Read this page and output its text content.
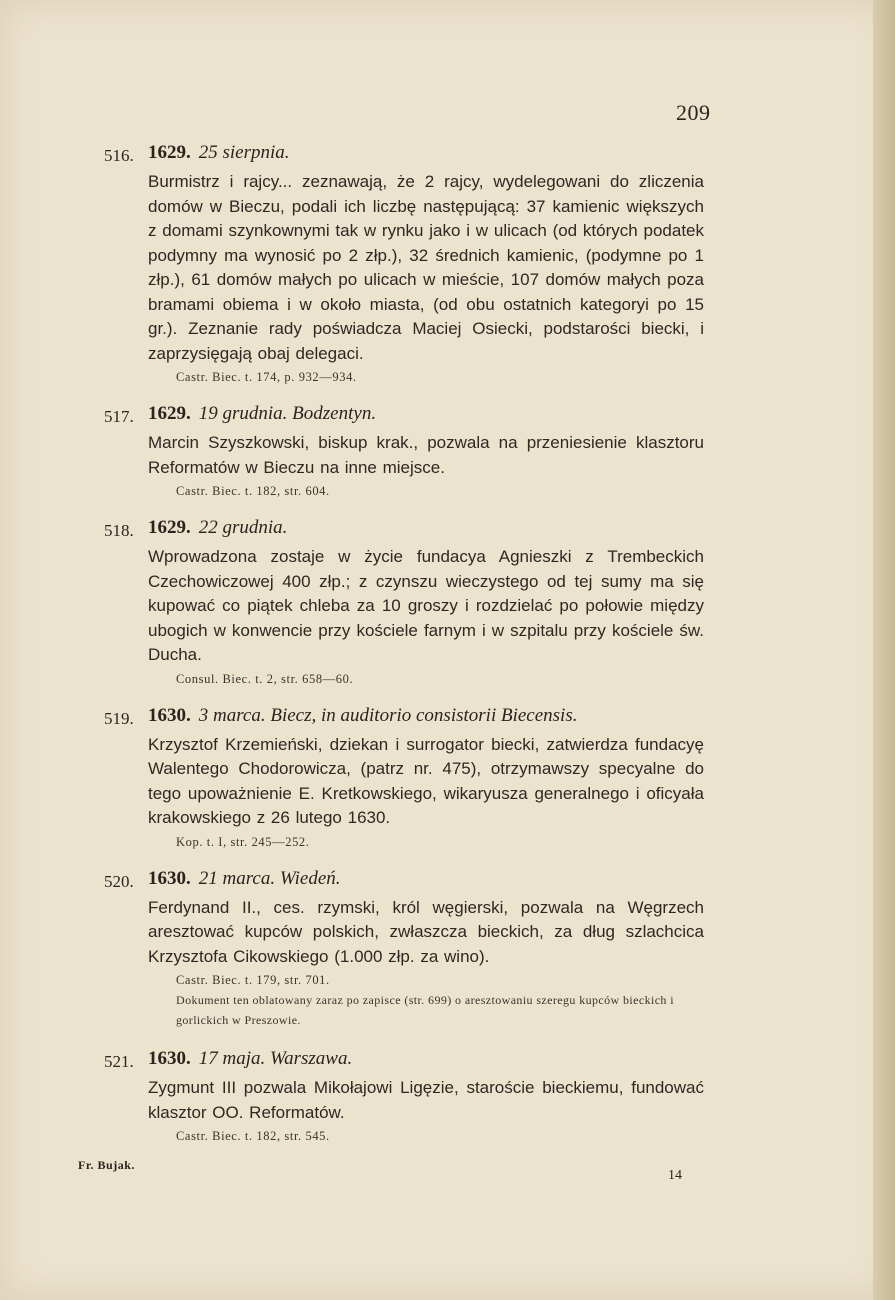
209
516. 1629. 25 sierpnia.
Burmistrz i rajcy... zeznawają, że 2 rajcy, wydelegowani do zliczenia domów w Bieczu, podali ich liczbę następującą: 37 kamienic większych z domami szynkownymi tak w rynku jako i w ulicach (od których podatek podymny ma wynosić po 2 złp.), 32 średnich kamienic, (podymne po 1 złp.), 61 domów małych po ulicach w mieście, 107 domów małych poza bramami obiema i w około miasta, (od obu ostatnich kategoryi po 15 gr.). Zeznanie rady poświadcza Maciej Osiecki, podstarości biecki, i zaprzysięgają obaj delegaci.
Castr. Biec. t. 174, p. 932—934.
517. 1629. 19 grudnia. Bodzentyn.
Marcin Szyszkowski, biskup krak., pozwala na przeniesienie klasztoru Reformatów w Bieczu na inne miejsce.
Castr. Biec. t. 182, str. 604.
518. 1629. 22 grudnia.
Wprowadzona zostaje w życie fundacya Agnieszki z Trembeckich Czechowiczowej 400 złp.; z czynszu wieczystego od tej sumy ma się kupować co piątek chleba za 10 groszy i rozdzielać po połowie między ubogich w konwencie przy kościele farnym i w szpitalu przy kościele św. Ducha.
Consul. Biec. t. 2, str. 658—60.
519. 1630. 3 marca. Biecz, in auditorio consistorii Biecensis.
Krzysztof Krzemieński, dziekan i surrogator biecki, zatwierdza fundacyę Walentego Chodorowicza, (patrz nr. 475), otrzymawszy specyalne do tego upoważnienie E. Kretkowskiego, wikaryusza generalnego i oficyała krakowskiego z 26 lutego 1630.
Kop. t. I, str. 245—252.
520. 1630. 21 marca. Wiedeń.
Ferdynand II., ces. rzymski, król węgierski, pozwala na Węgrzech aresztować kupców polskich, zwłaszcza bieckich, za dług szlachcica Krzysztofa Cikowskiego (1.000 złp. za wino).
Castr. Biec. t. 179, str. 701.
Dokument ten oblatowany zaraz po zapisce (str. 699) o aresztowaniu szeregu kupców bieckich i gorlickich w Preszowie.
521. 1630. 17 maja. Warszawa.
Zygmunt III pozwala Mikołajowi Ligęzie, staroście bieckiemu, fundować klasztor OO. Reformatów.
Castr. Biec. t. 182, str. 545.
Fr. Bujak.
14
